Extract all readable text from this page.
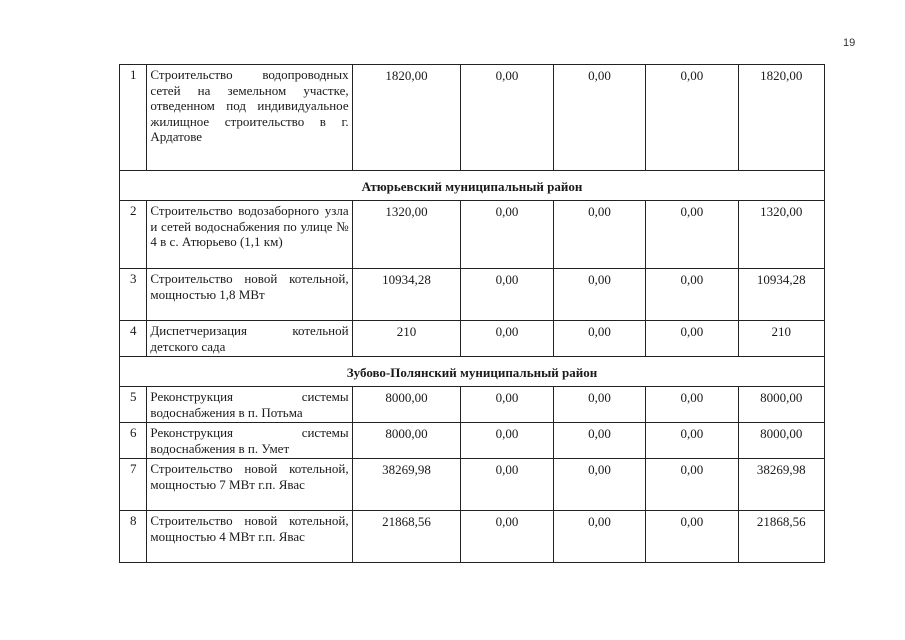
19
1	Строительство водопроводных сетей на земельном участке, отведенном под индивидуальное жилищное строительство в г. Ардатове	1820,00	0,00	0,00	0,00	1820,00
Атюрьевский муниципальный район						
2	Строительство водозаборного узла и сетей водоснабжения по улице № 4 в с. Атюрьево (1,1 км)	1320,00	0,00	0,00	0,00	1320,00
3	Строительство новой котельной, мощностью 1,8 МВт	10934,28	0,00	0,00	0,00	10934,28
4	Диспетчеризация котельной детского сада	210	0,00	0,00	0,00	210
Зубово-Полянский муниципальный район						
5	Реконструкция системы водоснабжения в п. Потьма	8000,00	0,00	0,00	0,00	8000,00
6	Реконструкция системы водоснабжения в п. Умет	8000,00	0,00	0,00	0,00	8000,00
7	Строительство новой котельной, мощностью 7 МВт г.п. Явас	38269,98	0,00	0,00	0,00	38269,98
8	Строительство новой котельной, мощностью 4 МВт г.п. Явас	21868,56	0,00	0,00	0,00	21868,56
